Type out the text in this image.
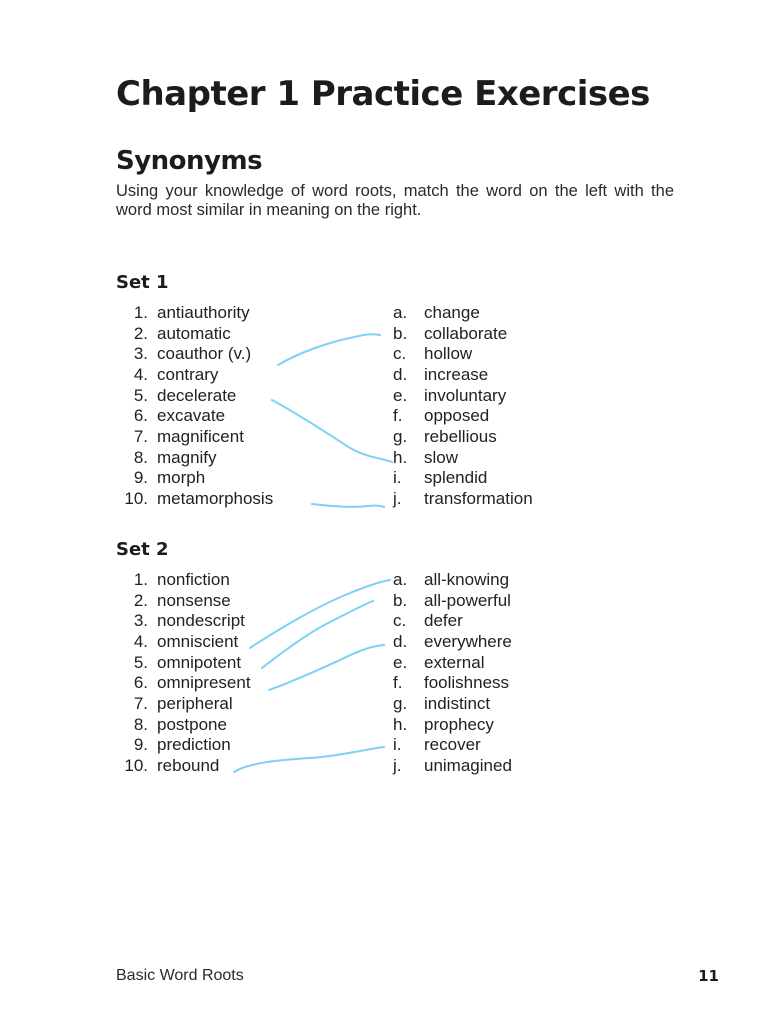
Chapter 1 Practice Exercises
Synonyms

Using your knowledge of word roots, match the word on the left with the word most similar in meaning on the right.

Set 1
1. antiauthority	a. change
2. automatic	b. collaborate
3. coauthor (v.)	c. hollow
4. contrary	d. increase
5. decelerate	e. involuntary
6. excavate	f. opposed
7. magnificent	g. rebellious
8. magnify	h. slow
9. morph	i. splendid
10. metamorphosis	j. transformation
Set 2
1. nonfiction	a. all-knowing
2. nonsense	b. all-powerful
3. nondescript	c. defer
4. omniscient	d. everywhere
5. omnipotent	e. external
6. omnipresent	f. foolishness
7. peripheral	g. indistinct
8. postpone	h. prophecy
9. prediction	i. recover
10. rebound	j. unimagined

Basic Word Roots	11
